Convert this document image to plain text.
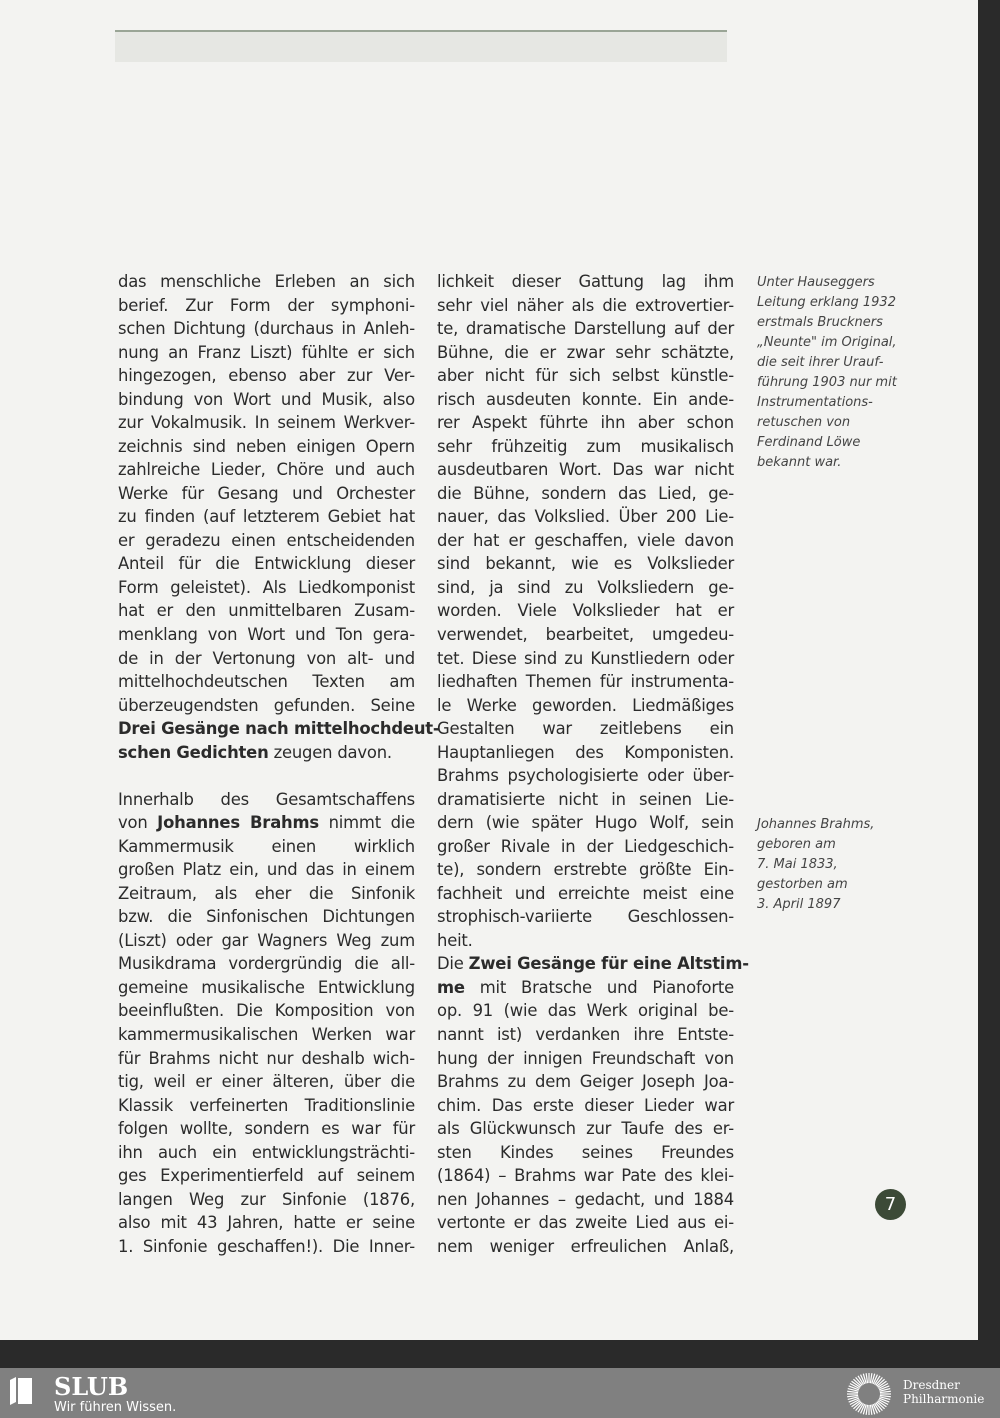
das menschliche Erleben an sich
berief. Zur Form der symphoni-
schen Dichtung (durchaus in Anleh-
nung an Franz Liszt) fühlte er sich
hingezogen, ebenso aber zur Ver-
bindung von Wort und Musik, also
zur Vokalmusik. In seinem Werkver-
zeichnis sind neben einigen Opern
zahlreiche Lieder, Chöre und auch
Werke für Gesang und Orchester
zu finden (auf letzterem Gebiet hat
er geradezu einen entscheidenden
Anteil für die Entwicklung dieser
Form geleistet). Als Liedkomponist
hat er den unmittelbaren Zusam-
menklang von Wort und Ton gera-
de in der Vertonung von alt- und
mittelhochdeutschen Texten am
überzeugendsten gefunden. Seine
Drei Gesänge nach mittelhochdeut-
schen Gedichten zeugen davon.

Innerhalb des Gesamtschaffens
von Johannes Brahms nimmt die
Kammermusik einen wirklich
großen Platz ein, und das in einem
Zeitraum, als eher die Sinfonik
bzw. die Sinfonischen Dichtungen
(Liszt) oder gar Wagners Weg zum
Musikdrama vordergründig die all-
gemeine musikalische Entwicklung
beeinflußten. Die Komposition von
kammermusikalischen Werken war
für Brahms nicht nur deshalb wich-
tig, weil er einer älteren, über die
Klassik verfeinerten Traditionslinie
folgen wollte, sondern es war für
ihn auch ein entwicklungsträchti-
ges Experimentierfeld auf seinem
langen Weg zur Sinfonie (1876,
also mit 43 Jahren, hatte er seine
1. Sinfonie geschaffen!). Die Inner-
lichkeit dieser Gattung lag ihm
sehr viel näher als die extrovertier-
te, dramatische Darstellung auf der
Bühne, die er zwar sehr schätzte,
aber nicht für sich selbst künstle-
risch ausdeuten konnte. Ein ande-
rer Aspekt führte ihn aber schon
sehr frühzeitig zum musikalisch
ausdeutbaren Wort. Das war nicht
die Bühne, sondern das Lied, ge-
nauer, das Volkslied. Über 200 Lie-
der hat er geschaffen, viele davon
sind bekannt, wie es Volkslieder
sind, ja sind zu Volksliedern ge-
worden. Viele Volkslieder hat er
verwendet, bearbeitet, umgedeu-
tet. Diese sind zu Kunstliedern oder
liedhaften Themen für instrumenta-
le Werke geworden. Liedmäßiges
Gestalten war zeitlebens ein
Hauptanliegen des Komponisten.
Brahms psychologisierte oder über-
dramatisierte nicht in seinen Lie-
dern (wie später Hugo Wolf, sein
großer Rivale in der Liedgeschich-
te), sondern erstrebte größte Ein-
fachheit und erreichte meist eine
strophisch-variierte Geschlossen-
heit.
Die Zwei Gesänge für eine Altstim-
me mit Bratsche und Pianoforte
op. 91 (wie das Werk original be-
nannt ist) verdanken ihre Entste-
hung der innigen Freundschaft von
Brahms zu dem Geiger Joseph Joa-
chim. Das erste dieser Lieder war
als Glückwunsch zur Taufe des er-
sten Kindes seines Freundes
(1864) – Brahms war Pate des klei-
nen Johannes – gedacht, und 1884
vertonte er das zweite Lied aus ei-
nem weniger erfreulichen Anlaß,
Unter Hauseggers
Leitung erklang 1932
erstmals Bruckners
„Neunte" im Original,
die seit ihrer Urauf-
führung 1903 nur mit
Instrumentations-
retuschen von
Ferdinand Löwe
bekannt war.
Johannes Brahms,
geboren am
7. Mai 1833,
gestorben am
3. April 1897
7
SLUB
Wir führen Wissen.
Dresdner
Philharmonie
